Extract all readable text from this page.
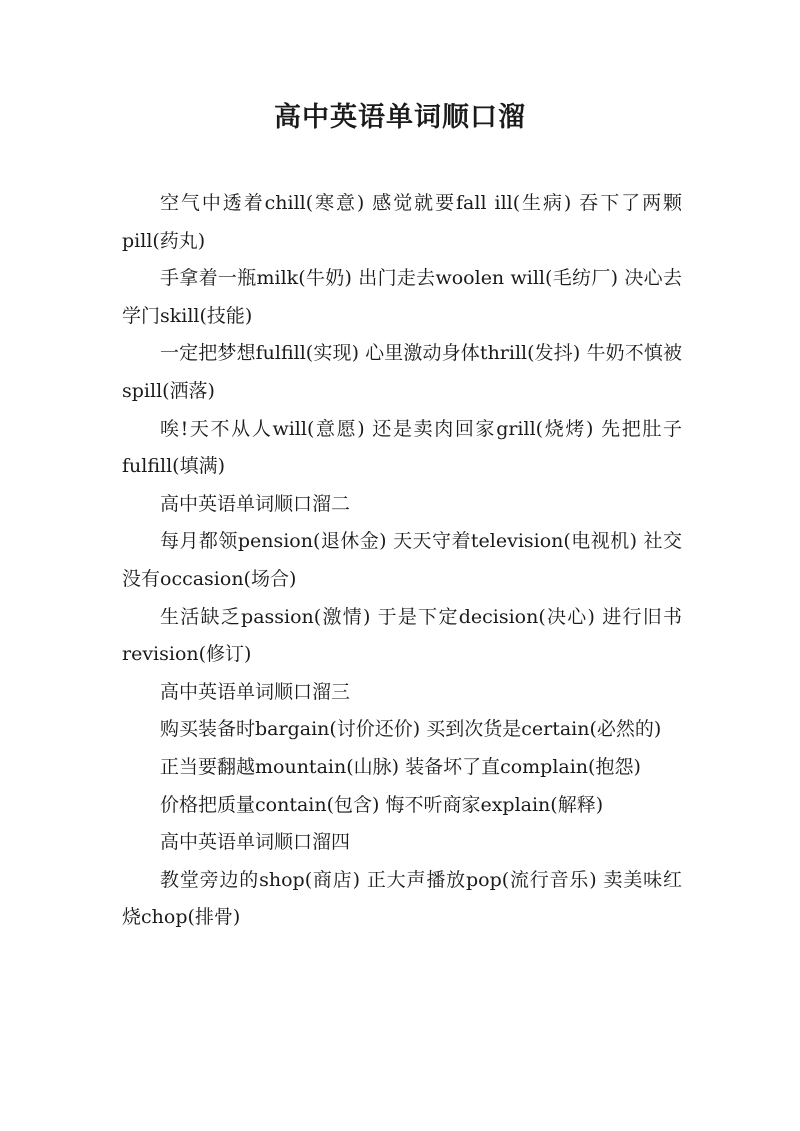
高中英语单词顺口溜

空气中透着chill(寒意) 感觉就要fall ill(生病) 吞下了两颗pill(药丸)

手拿着一瓶milk(牛奶) 出门走去woolen will(毛纺厂) 决心去学门skill(技能)

一定把梦想fulfill(实现) 心里激动身体thrill(发抖) 牛奶不慎被spill(洒落)

唉!天不从人will(意愿) 还是卖肉回家grill(烧烤) 先把肚子fulfill(填满)

高中英语单词顺口溜二

每月都领pension(退休金) 天天守着television(电视机) 社交没有occasion(场合)

生活缺乏passion(激情) 于是下定decision(决心) 进行旧书revision(修订)

高中英语单词顺口溜三

购买装备时bargain(讨价还价) 买到次货是certain(必然的)

正当要翻越mountain(山脉) 装备坏了直complain(抱怨)

价格把质量contain(包含) 悔不听商家explain(解释)

高中英语单词顺口溜四

教堂旁边的shop(商店) 正大声播放pop(流行音乐) 卖美味红烧chop(排骨)
